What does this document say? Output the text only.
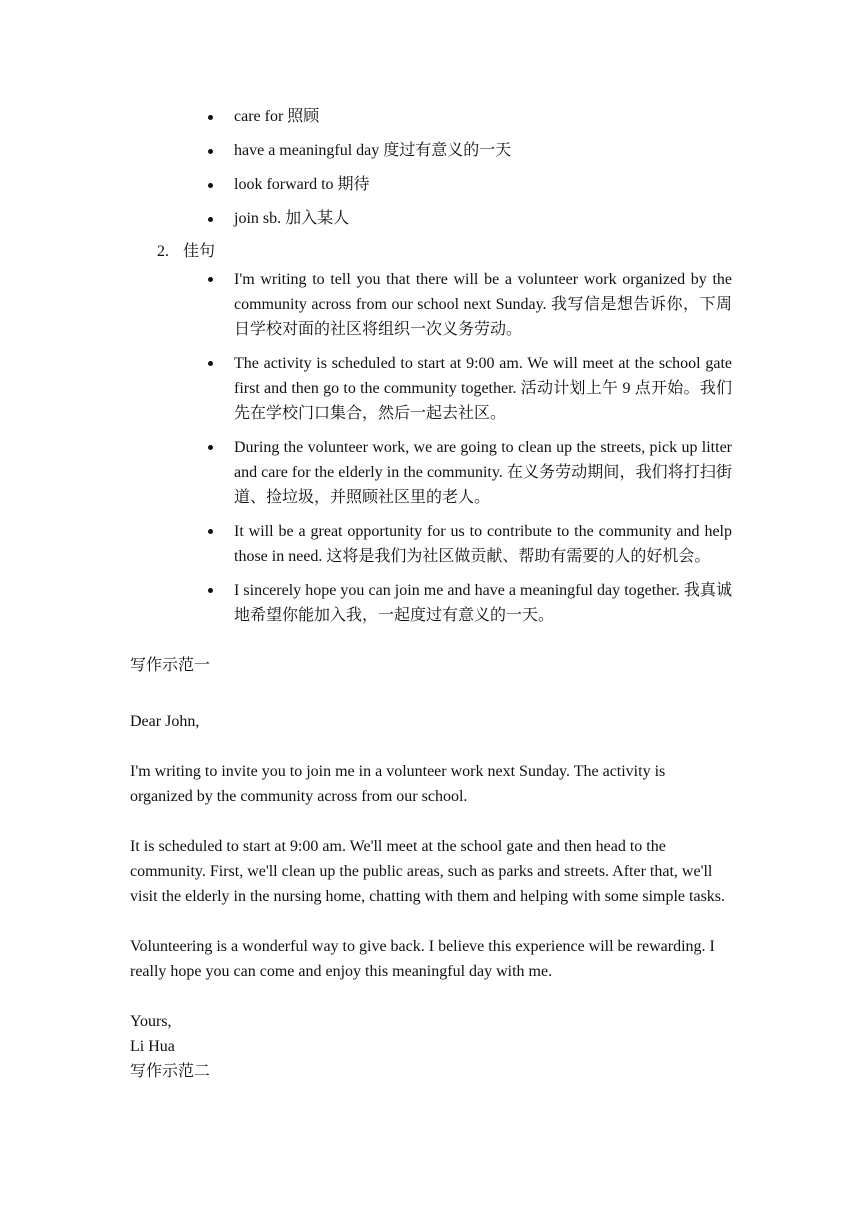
care for 照顾
have a meaningful day 度过有意义的一天
look forward to 期待
join sb. 加入某人
2. 佳句
I'm writing to tell you that there will be a volunteer work organized by the community across from our school next Sunday. 我写信是想告诉你，下周日学校对面的社区将组织一次义务劳动。
The activity is scheduled to start at 9:00 am. We will meet at the school gate first and then go to the community together. 活动计划上午 9 点开始。我们先在学校门口集合，然后一起去社区。
During the volunteer work, we are going to clean up the streets, pick up litter and care for the elderly in the community. 在义务劳动期间，我们将打扫街道、捡垃圾，并照顾社区里的老人。
It will be a great opportunity for us to contribute to the community and help those in need. 这将是我们为社区做贡献、帮助有需要的人的好机会。
I sincerely hope you can join me and have a meaningful day together. 我真诚地希望你能加入我，一起度过有意义的一天。
写作示范一

Dear John,

I'm writing to invite you to join me in a volunteer work next Sunday. The activity is organized by the community across from our school.

It is scheduled to start at 9:00 am. We'll meet at the school gate and then head to the community. First, we'll clean up the public areas, such as parks and streets. After that, we'll visit the elderly in the nursing home, chatting with them and helping with some simple tasks.

Volunteering is a wonderful way to give back. I believe this experience will be rewarding. I really hope you can come and enjoy this meaningful day with me.

Yours,

Li Hua

写作示范二
